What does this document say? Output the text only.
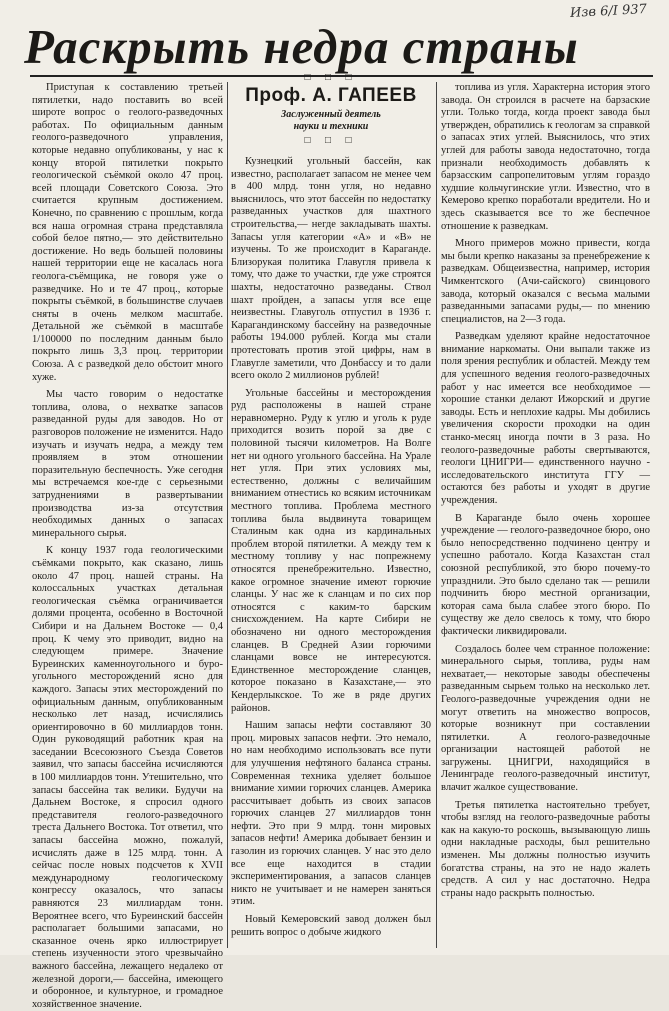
Изв 6/I 937
Раскрыть недра страны
□ □ □
Проф. А. ГАПЕЕВ
Заслуженный деятель
науки и техники
□ □ □

Приступая к составлению третьей пятилетки, надо поставить во всей широте вопрос о геолого-разведочных работах. По официальным данным геолого-разведочного управления, которые недавно опубликованы, у нас к концу второй пятилетки покрыто геологической съёмкой около 47 проц. всей площади Советского Союза. Это считается крупным достижением. Конечно, по сравнению с прошлым, когда вся наша огромная страна представляла собой белое пятно,— это действительно достижение. Но ведь большей половины нашей территории еще не касалась нога геолога-съёмщика, не говоря уже о разведчике. Но и те 47 проц., которые покрыты съёмкой, в большинстве случаев сняты в очень мелком масштабе. Детальной же съёмкой в масштабе 1/100000 по последним данным было покрыто лишь 3,3 проц. территории Союза. А с разведкой дело обстоит много хуже.

Мы часто говорим о недостатке топлива, олова, о нехватке запасов разведанной руды для заводов. Но от разговоров положение не изменится. Надо изучать и изучать недра, а между тем проявляем в этом отношении поразительную беспечность. Уже сегодня мы встречаемся кое-где с серьезными затруднениями в развертывании производства из-за отсутствия необходимых данных о запасах минерального сырья.

К концу 1937 года геологическими съёмками покрыто, как сказано, лишь около 47 проц. нашей страны. На колоссальных участках детальная геологическая съёмка ограничивается долями процента, особенно в Восточной Сибири и на Дальнем Востоке — 0,4 проц. К чему это приводит, видно на следующем примере. Значение Буреинских каменноугольного и буро-угольного месторождений ясно для каждого. Запасы этих месторождений по официальным данным, опубликованным несколько лет назад, исчислялись ориентировочно в 60 миллиардов тонн. Один руководящий работник края на заседании Всесоюзного Съезда Советов заявил, что запасы бассейна исчисляются в 100 миллиардов тонн. Утешительно, что запасы бассейна так велики. Будучи на Дальнем Востоке, я спросил одного представителя геолого-разведочного треста Дальнего Востока. Тот ответил, что запасы бассейна можно, пожалуй, исчислять даже в 125 млрд. тонн. А сейчас после новых подсчетов к XVII международному геологическому конгрессу оказалось, что запасы равняются 23 миллиардам тонн. Вероятнее всего, что Буреинский бассейн располагает большими запасами, но сказанное очень ярко иллюстрирует степень изученности этого чрезвычайно важного бассейна, лежащего недалеко от железной дороги,— бассейна, имеющего и оборонное, и культурное, и громадное хозяйственное значение.

Кузнецкий угольный бассейн, как известно, располагает запасом не менее чем в 400 млрд. тонн угля, но недавно выяснилось, что этот бассейн по недостатку разведанных участков для шахтного строительства,— негде закладывать шахты. Запасы угля категории «А» и «В» не изучены. То же происходит в Караганде. Близорукая политика Главугля привела к тому, что даже то участки, где уже строятся шахты, недостаточно разведаны. Ствол шахт пройден, а запасы угля все еще неизвестны. Главуголь отпустил в 1936 г. Карагандинскому бассейну на разведочные работы 194.000 рублей. Когда мы стали протестовать против этой цифры, нам в Главугле заметили, что Донбассу и то дали всего около 2 миллионов рублей!

Угольные бассейны и месторождения руд расположены в нашей стране неравномерно. Руду к углю и уголь к руде приходится возить порой за две с половиной тысячи километров. На Волге нет ни одного угольного бассейна. На Урале нет угля. При этих условиях мы, естественно, должны с величайшим вниманием отнестись ко всяким источникам местного топлива. Проблема местного топлива была выдвинута товарищем Сталиным как одна из кардинальных проблем второй пятилетки. А между тем к местному топливу у нас попрежнему относятся пренебрежительно. Известно, какое огромное значение имеют горючие сланцы. У нас же к сланцам и по сих пор относятся с каким-то барским снисхождением. На карте Сибири не обозначено ни одного месторождения сланцев. В Средней Азии горючими сланцами вовсе не интересуются. Единственное месторождение сланцев, которое показано в Казахстане,— это Кендерлыкское. То же в ряде других районов.

Нашим запасы нефти составляют 30 проц. мировых запасов нефти. Это немало, но нам необходимо использовать все пути для улучшения нефтяного баланса страны. Современная техника уделяет большое внимание химии горючих сланцев. Америка рассчитывает добыть из своих запасов горючих сланцев 27 миллиардов тонн нефти. Это при 9 млрд. тонн мировых запасов нефти! Америка добывает бензин и газолин из горючих сланцев. У нас это дело все еще находится в стадии экспериментирования, а запасов сланцев никто не учитывает и не намерен заняться этим.

Новый Кемеровский завод должен был решить вопрос о добыче жидкого

топлива из угля. Характерна история этого завода. Он строился в расчете на барзаские угли. Только тогда, когда проект завода был утвержден, обратились к геологам за справкой о запасах этих углей. Выяснилось, что этих углей для работы завода недостаточно, тогда признали необходимость добавлять к барзасским сапропелитовым углям гораздо худшие кольчугинские угли. Известно, что в Кемерово крепко поработали вредители. Но и здесь сказывается все то же беспечное отношение к разведкам.

Много примеров можно привести, когда мы были крепко наказаны за пренебрежение к разведкам. Общеизвестна, например, история Чимкентского (Ачи-сайского) свинцового завода, который оказался с весьма малыми разведанными запасами руды,— по мнению специалистов, на 2—3 года.

Разведкам уделяют крайне недостаточное внимание наркоматы. Они выпали также из поля зрения республик и областей. Между тем для успешного ведения геолого-разведочных работ у нас имеется все необходимое — хорошие станки делают Ижорский и другие заводы. Есть и неплохие кадры. Мы добились увеличения скорости проходки на один станко-месяц иногда почти в 3 раза. Но геолого-разведочные работы свертываются, геологи ЦНИГРИ— единственного научно - исследовательского института ГГУ — остаются без работы и уходят в другие учреждения.

В Караганде было очень хорошее учреждение — геолого-разведочное бюро, оно было непосредственно подчинено центру и успешно работало. Когда Казахстан стал союзной республикой, это бюро почему-то упразднили. Это было сделано так — решили подчинить бюро местной организации, которая сама была слабее этого бюро. По существу же дело свелось к тому, что бюро фактически ликвидировали.

Создалось более чем странное положение: минерального сырья, топлива, руды нам нехватает,— некоторые заводы обеспечены разведанным сырьем только на несколько лет. Геолого-разведочные учреждения одни не могут ответить на множество вопросов, которые возникнут при составлении пятилетки. А геолого-разведочные организации настоящей работой не загружены. ЦНИГРИ, находящийся в Ленинграде геолого-разведочный институт, влачит жалкое существование.

Третья пятилетка настоятельно требует, чтобы взгляд на геолого-разведочные работы как на какую-то роскошь, вызывающую лишь одни накладные расходы, был решительно изменен. Мы должны полностью изучить богатства страны, на это не надо жалеть средств. А сил у нас достаточно. Недра страны надо раскрыть полностью.
